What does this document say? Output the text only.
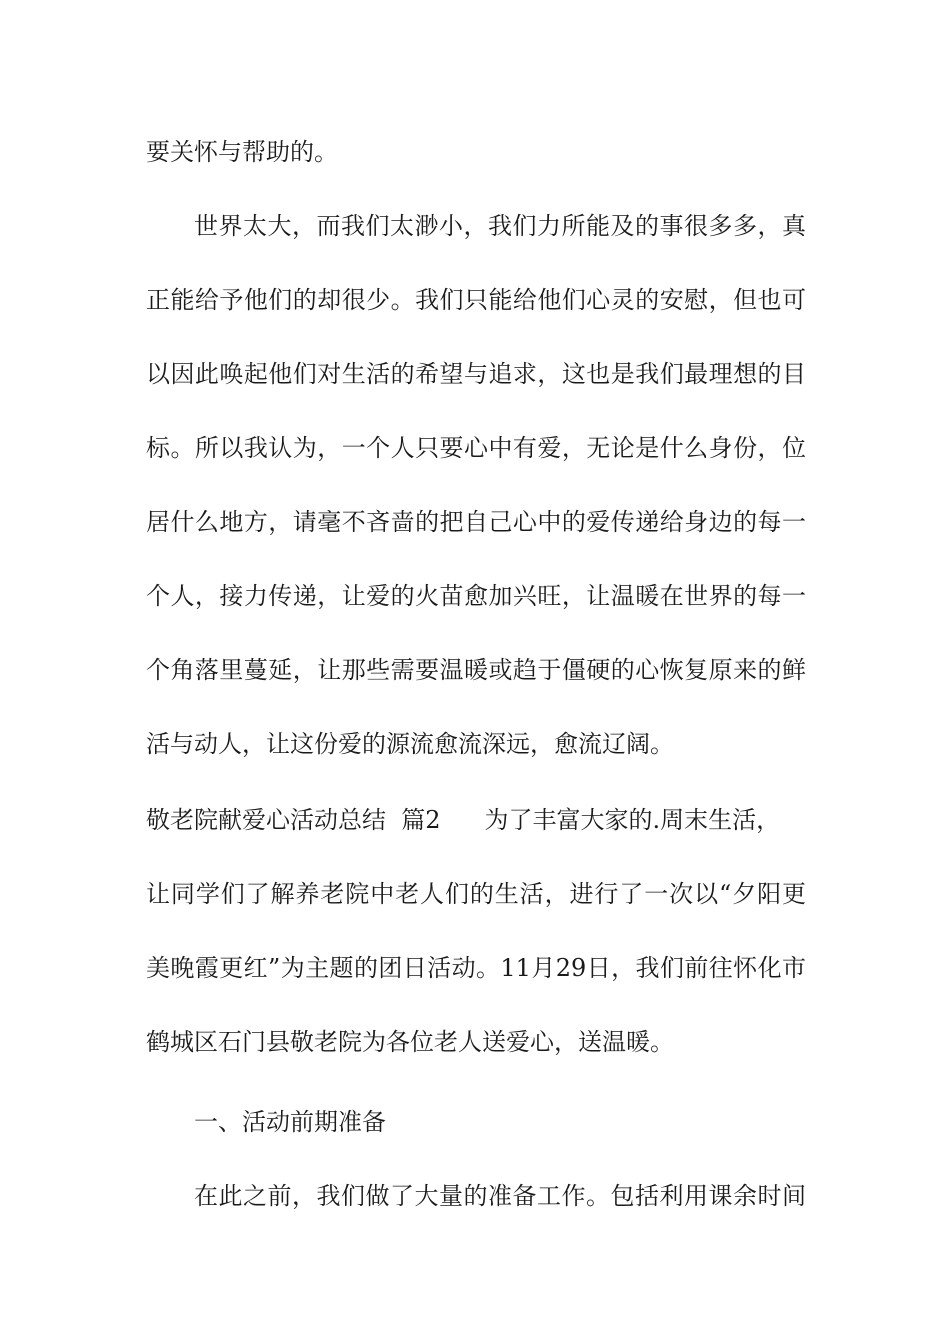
要关怀与帮助的。
世界太大，而我们太渺小，我们力所能及的事很多多，真
正能给予他们的却很少。我们只能给他们心灵的安慰，但也可
以因此唤起他们对生活的希望与追求，这也是我们最理想的目
标。所以我认为，一个人只要心中有爱，无论是什么身份，位
居什么地方，请毫不吝啬的把自己心中的爱传递给身边的每一
个人，接力传递，让爱的火苗愈加兴旺，让温暖在世界的每一
个角落里蔓延，让那些需要温暖或趋于僵硬的心恢复原来的鲜
活与动人，让这份爱的源流愈流深远，愈流辽阔。
敬老院献爱心活动总结  篇2 为了丰富大家的.周末生活，
让同学们了解养老院中老人们的生活，进行了一次以“夕阳更
美晚霞更红”为主题的团日活动。11月29日，我们前往怀化市
鹤城区石门县敬老院为各位老人送爱心，送温暖。
一、活动前期准备
在此之前，我们做了大量的准备工作。包括利用课余时间
